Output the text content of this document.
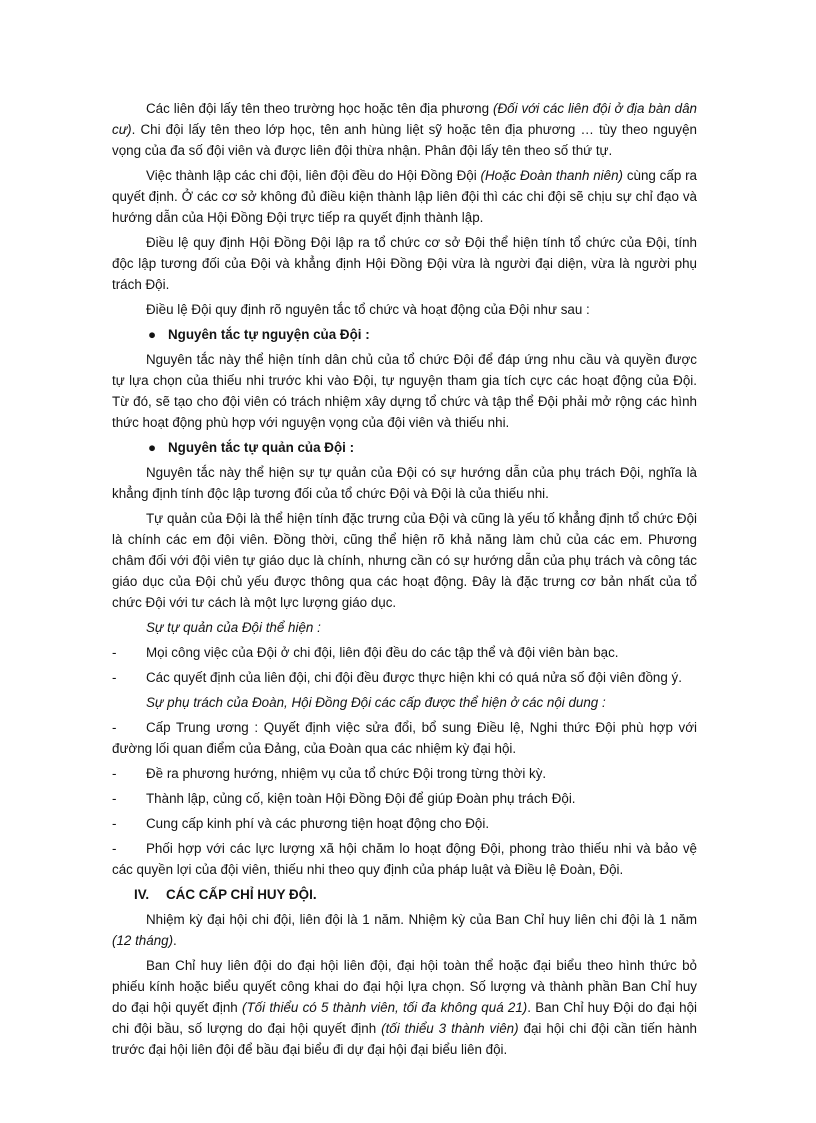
Các liên đội lấy tên theo trường học hoặc tên địa phương (Đối với các liên đội ở địa bàn dân cư). Chi đội lấy tên theo lớp học, tên anh hùng liệt sỹ hoặc tên địa phương … tùy theo nguyện vọng của đa số đội viên và được liên đội thừa nhận. Phân đội lấy tên theo số thứ tự.

Việc thành lập các chi đội, liên đội đều do Hội Đồng Đội (Hoặc Đoàn thanh niên) cùng cấp ra quyết định. Ở các cơ sở không đủ điều kiện thành lập liên đội thì các chi đội sẽ chịu sự chỉ đạo và hướng dẫn của Hội Đồng Đội trực tiếp ra quyết định thành lập.

Điều lệ quy định Hội Đồng Đội lập ra tổ chức cơ sở Đội thể hiện tính tổ chức của Đội, tính độc lập tương đối của Đội và khẳng định Hội Đồng Đội vừa là người đại diện, vừa là người phụ trách Đội.

Điều lệ Đội quy định rõ nguyên tắc tổ chức và hoạt động của Đội như sau :

● Nguyên tắc tự nguyện của Đội :

Nguyên tắc này thể hiện tính dân chủ của tổ chức Đội để đáp ứng nhu cầu và quyền được tự lựa chọn của thiếu nhi trước khi vào Đội, tự nguyện tham gia tích cực các hoạt động của Đội. Từ đó, sẽ tạo cho đội viên có trách nhiệm xây dựng tổ chức và tập thể Đội phải mở rộng các hình thức hoạt động phù hợp với nguyện vọng của đội viên và thiếu nhi.

● Nguyên tắc tự quản của Đội :

Nguyên tắc này thể hiện sự tự quản của Đội có sự hướng dẫn của phụ trách Đội, nghĩa là khẳng định tính độc lập tương đối của tổ chức Đội và Đội là của thiếu nhi.

Tự quản của Đội là thể hiện tính đặc trưng của Đội và cũng là yếu tố khẳng định tổ chức Đội là chính các em đội viên. Đồng thời, cũng thể hiện rõ khả năng làm chủ của các em. Phương châm đối với đội viên tự giáo dục là chính, nhưng cần có sự hướng dẫn của phụ trách và công tác giáo dục của Đội chủ yếu được thông qua các hoạt động. Đây là đặc trưng cơ bản nhất của tổ chức Đội với tư cách là một lực lượng giáo dục.

Sự tự quản của Đội thể hiện :

- Mọi công việc của Đội ở chi đội, liên đội đều do các tập thể và đội viên bàn bạc.

- Các quyết định của liên đội, chi đội đều được thực hiện khi có quá nửa số đội viên đồng ý.

Sự phụ trách của Đoàn, Hội Đồng Đội các cấp được thể hiện ở các nội dung :

- Cấp Trung ương : Quyết định việc sửa đổi, bổ sung Điều lệ, Nghi thức Đội phù hợp với đường lối quan điểm của Đảng, của Đoàn qua các nhiệm kỳ đại hội.

- Đề ra phương hướng, nhiệm vụ của tổ chức Đội trong từng thời kỳ.

- Thành lập, củng cố, kiện toàn Hội Đồng Đội để giúp Đoàn phụ trách Đội.

- Cung cấp kinh phí và các phương tiện hoạt động cho Đội.

- Phối hợp với các lực lượng xã hội chăm lo hoạt động Đội, phong trào thiếu nhi và bảo vệ các quyền lợi của đội viên, thiếu nhi theo quy định của pháp luật và Điều lệ Đoàn, Đội.

IV. CÁC CẤP CHỈ HUY ĐỘI.

Nhiệm kỳ đại hội chi đội, liên đội là 1 năm. Nhiệm kỳ của Ban Chỉ huy liên chi đội là 1 năm (12 tháng).

Ban Chỉ huy liên đội do đại hội liên đội, đại hội toàn thể hoặc đại biểu theo hình thức bỏ phiếu kính hoặc biểu quyết công khai do đại hội lựa chọn. Số lượng và thành phần Ban Chỉ huy do đại hội quyết định (Tối thiểu có 5 thành viên, tối đa không quá 21). Ban Chỉ huy Đội do đại hội chi đội bầu, số lượng do đại hội quyết định (tối thiểu 3 thành viên) đại hội chi đội cần tiến hành trước đại hội liên đội để bầu đại biểu đi dự đại hội đại biểu liên đội.
